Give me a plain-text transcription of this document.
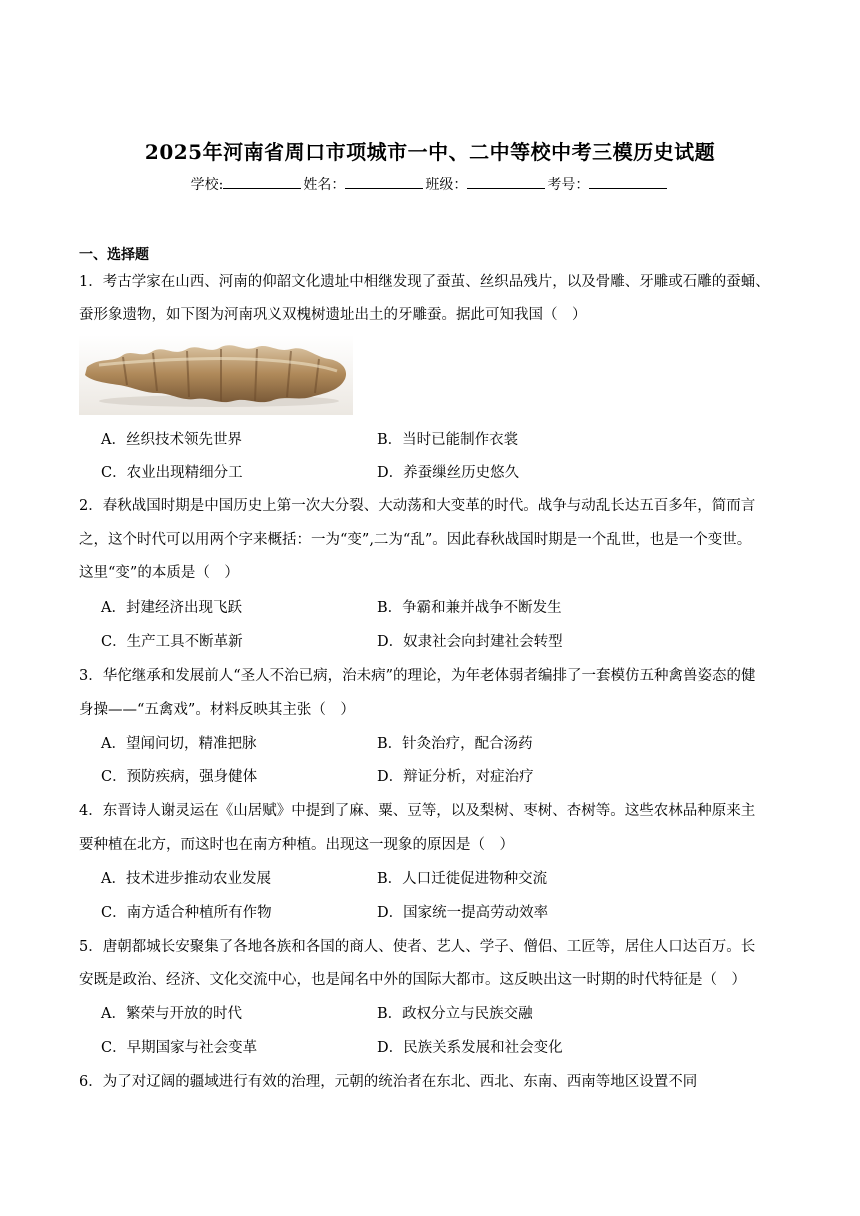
2025年河南省周口市项城市一中、二中等校中考三模历史试题
学校:	姓名：	班级：	考号：
一、选择题
1．考古学家在山西、河南的仰韶文化遗址中相继发现了蚕茧、丝织品残片，以及骨雕、牙雕或石雕的蚕蛹、
蚕形象遗物，如下图为河南巩义双槐树遗址出土的牙雕蚕。据此可知我国（　）
A．丝织技术领先世界	B．当时已能制作衣裳
C．农业出现精细分工	D．养蚕缫丝历史悠久
2．春秋战国时期是中国历史上第一次大分裂、大动荡和大变革的时代。战争与动乱长达五百多年，简而言
之，这个时代可以用两个字来概括：一为“变”,二为“乱”。因此春秋战国时期是一个乱世，也是一个变世。
这里“变”的本质是（　）
A．封建经济出现飞跃	B．争霸和兼并战争不断发生
C．生产工具不断革新	D．奴隶社会向封建社会转型
3．华佗继承和发展前人“圣人不治已病，治未病”的理论，为年老体弱者编排了一套模仿五种禽兽姿态的健
身操——“五禽戏”。材料反映其主张（　）
A．望闻问切，精准把脉	B．针灸治疗，配合汤药
C．预防疾病，强身健体	D．辩证分析，对症治疗
4．东晋诗人谢灵运在《山居赋》中提到了麻、粟、豆等，以及梨树、枣树、杏树等。这些农林品种原来主
要种植在北方，而这时也在南方种植。出现这一现象的原因是（　）
A．技术进步推动农业发展	B．人口迁徙促进物种交流
C．南方适合种植所有作物	D．国家统一提高劳动效率
5．唐朝都城长安聚集了各地各族和各国的商人、使者、艺人、学子、僧侣、工匠等，居住人口达百万。长
安既是政治、经济、文化交流中心，也是闻名中外的国际大都市。这反映出这一时期的时代特征是（　）
A．繁荣与开放的时代	B．政权分立与民族交融
C．早期国家与社会变革	D．民族关系发展和社会变化
6．为了对辽阔的疆域进行有效的治理，元朝的统治者在东北、西北、东南、西南等地区设置不同
